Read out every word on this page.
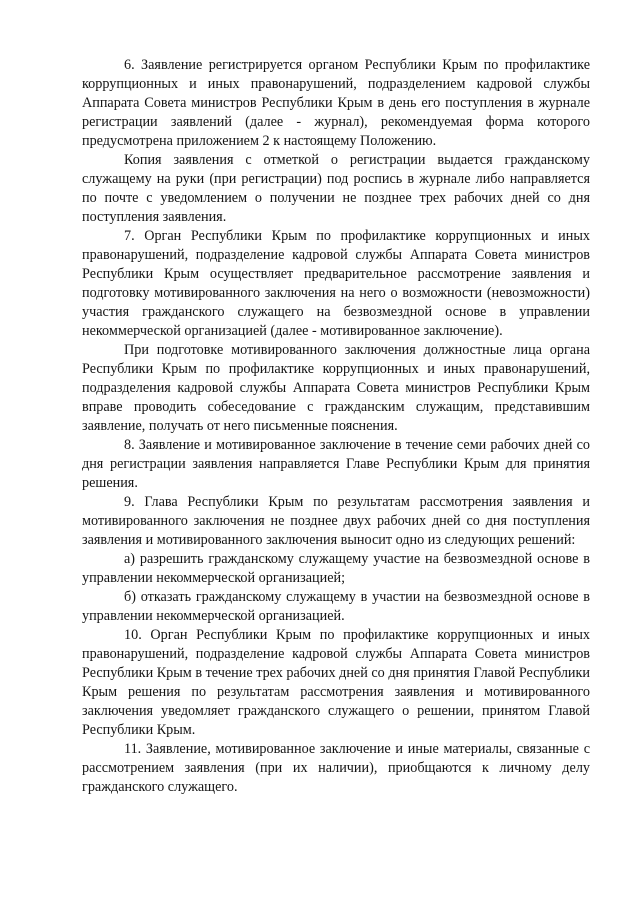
6. Заявление регистрируется органом Республики Крым по профилактике коррупционных и иных правонарушений, подразделением кадровой службы Аппарата Совета министров Республики Крым в день его поступления в журнале регистрации заявлений (далее - журнал), рекомендуемая форма которого предусмотрена приложением 2 к настоящему Положению.

Копия заявления с отметкой о регистрации выдается гражданскому служащему на руки (при регистрации) под роспись в журнале либо направляется по почте с уведомлением о получении не позднее трех рабочих дней со дня поступления заявления.

7. Орган Республики Крым по профилактике коррупционных и иных правонарушений, подразделение кадровой службы Аппарата Совета министров Республики Крым осуществляет предварительное рассмотрение заявления и подготовку мотивированного заключения на него о возможности (невозможности) участия гражданского служащего на безвозмездной основе в управлении некоммерческой организацией (далее - мотивированное заключение).

При подготовке мотивированного заключения должностные лица органа Республики Крым по профилактике коррупционных и иных правонарушений, подразделения кадровой службы Аппарата Совета министров Республики Крым вправе проводить собеседование с гражданским служащим, представившим заявление, получать от него письменные пояснения.

8. Заявление и мотивированное заключение в течение семи рабочих дней со дня регистрации заявления направляется Главе Республики Крым для принятия решения.

9. Глава Республики Крым по результатам рассмотрения заявления и мотивированного заключения не позднее двух рабочих дней со дня поступления заявления и мотивированного заключения выносит одно из следующих решений:

а) разрешить гражданскому служащему участие на безвозмездной основе в управлении некоммерческой организацией;

б) отказать гражданскому служащему в участии на безвозмездной основе в управлении некоммерческой организацией.

10. Орган Республики Крым по профилактике коррупционных и иных правонарушений, подразделение кадровой службы Аппарата Совета министров Республики Крым в течение трех рабочих дней со дня принятия Главой Республики Крым решения по результатам рассмотрения заявления и мотивированного заключения уведомляет гражданского служащего о решении, принятом Главой Республики Крым.

11. Заявление, мотивированное заключение и иные материалы, связанные с рассмотрением заявления (при их наличии), приобщаются к личному делу гражданского служащего.
